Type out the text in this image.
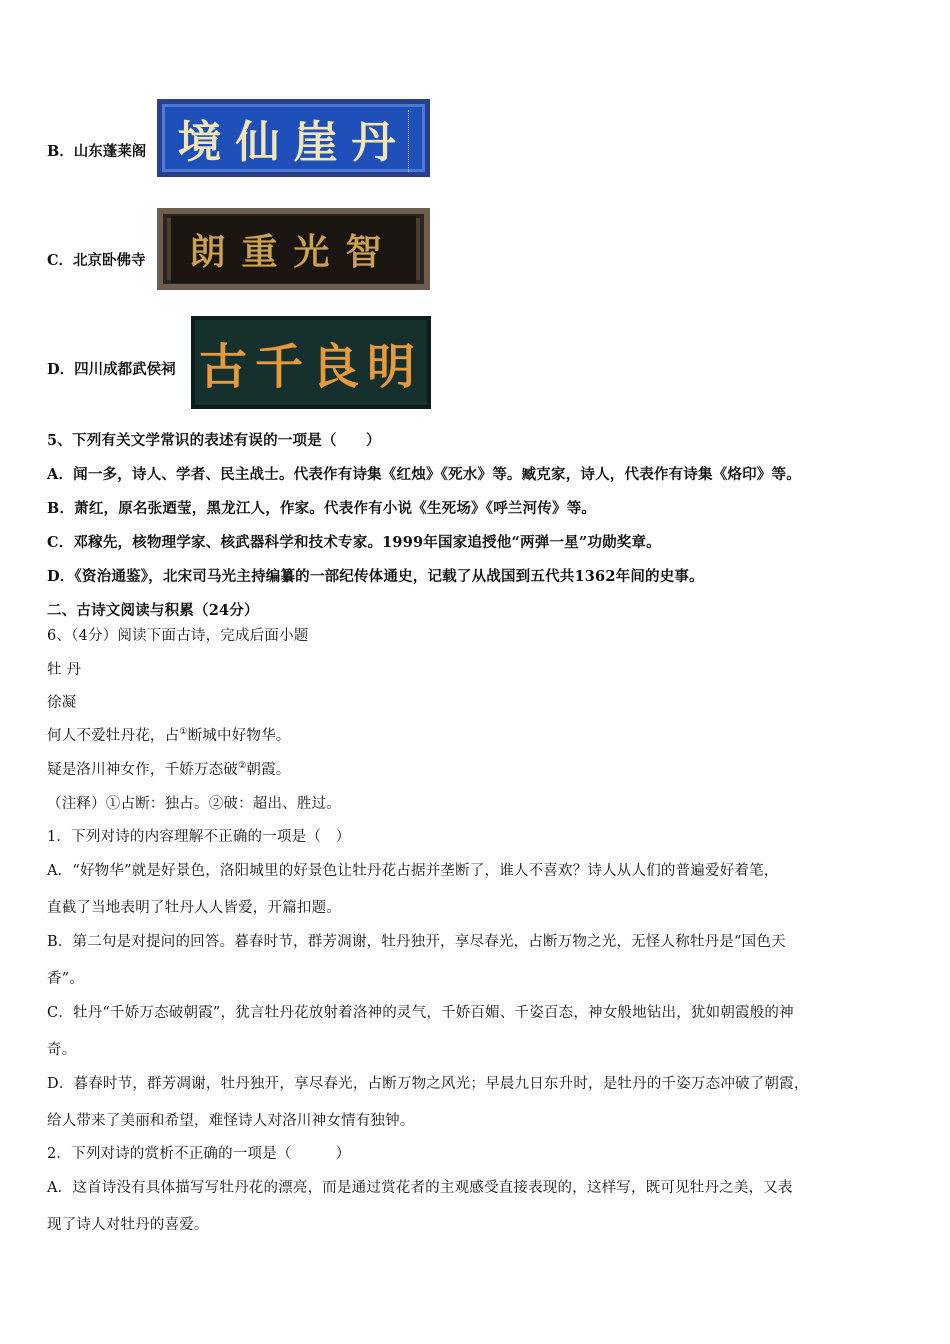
B．山东蓬莱阁 境仙崖丹
C．北京卧佛寺	朗重光智
D．四川成都武侯祠 古千良明
5、下列有关文学常识的表述有误的一项是（　　）
A．闻一多，诗人、学者、民主战士。代表作有诗集《红烛》《死水》等。臧克家，诗人，代表作有诗集《烙印》等。
B．萧红，原名张迺莹，黑龙江人，作家。代表作有小说《生死场》《呼兰河传》等。
C．邓稼先，核物理学家、核武器科学和技术专家。1999年国家追授他“两弹一星”功勋奖章。
D．《资治通鉴》，北宋司马光主持编纂的一部纪传体通史，记载了从战国到五代共1362年间的史事。
二、古诗文阅读与积累（24分）
6、（4分）阅读下面古诗，完成后面小题
牡 丹
徐凝
何人不爱牡丹花，占①断城中好物华。
疑是洛川神女作，千娇万态破②朝霞。
（注释）①占断：独占。②破：超出、胜过。
1．下列对诗的内容理解不正确的一项是（　）
A．“好物华”就是好景色，洛阳城里的好景色让牡丹花占据并垄断了，谁人不喜欢？诗人从人们的普遍爱好着笔，
直截了当地表明了牡丹人人皆爱，开篇扣题。
B．第二句是对提问的回答。暮春时节，群芳凋谢，牡丹独开，享尽春光，占断万物之光，无怪人称牡丹是“国色天
香”。
C．牡丹“千娇万态破朝霞”，犹言牡丹花放射着洛神的灵气，千娇百媚、千姿百态，神女般地钻出，犹如朝霞般的神
奇。
D．暮春时节，群芳凋谢，牡丹独开，享尽春光，占断万物之风光；早晨九日东升时，是牡丹的千姿万态冲破了朝霞，
给人带来了美丽和希望，难怪诗人对洛川神女情有独钟。
2．下列对诗的赏析不正确的一项是（　　　）
A．这首诗没有具体描写写牡丹花的漂亮，而是通过赏花者的主观感受直接表现的，这样写，既可见牡丹之美，又表
现了诗人对牡丹的喜爱。
